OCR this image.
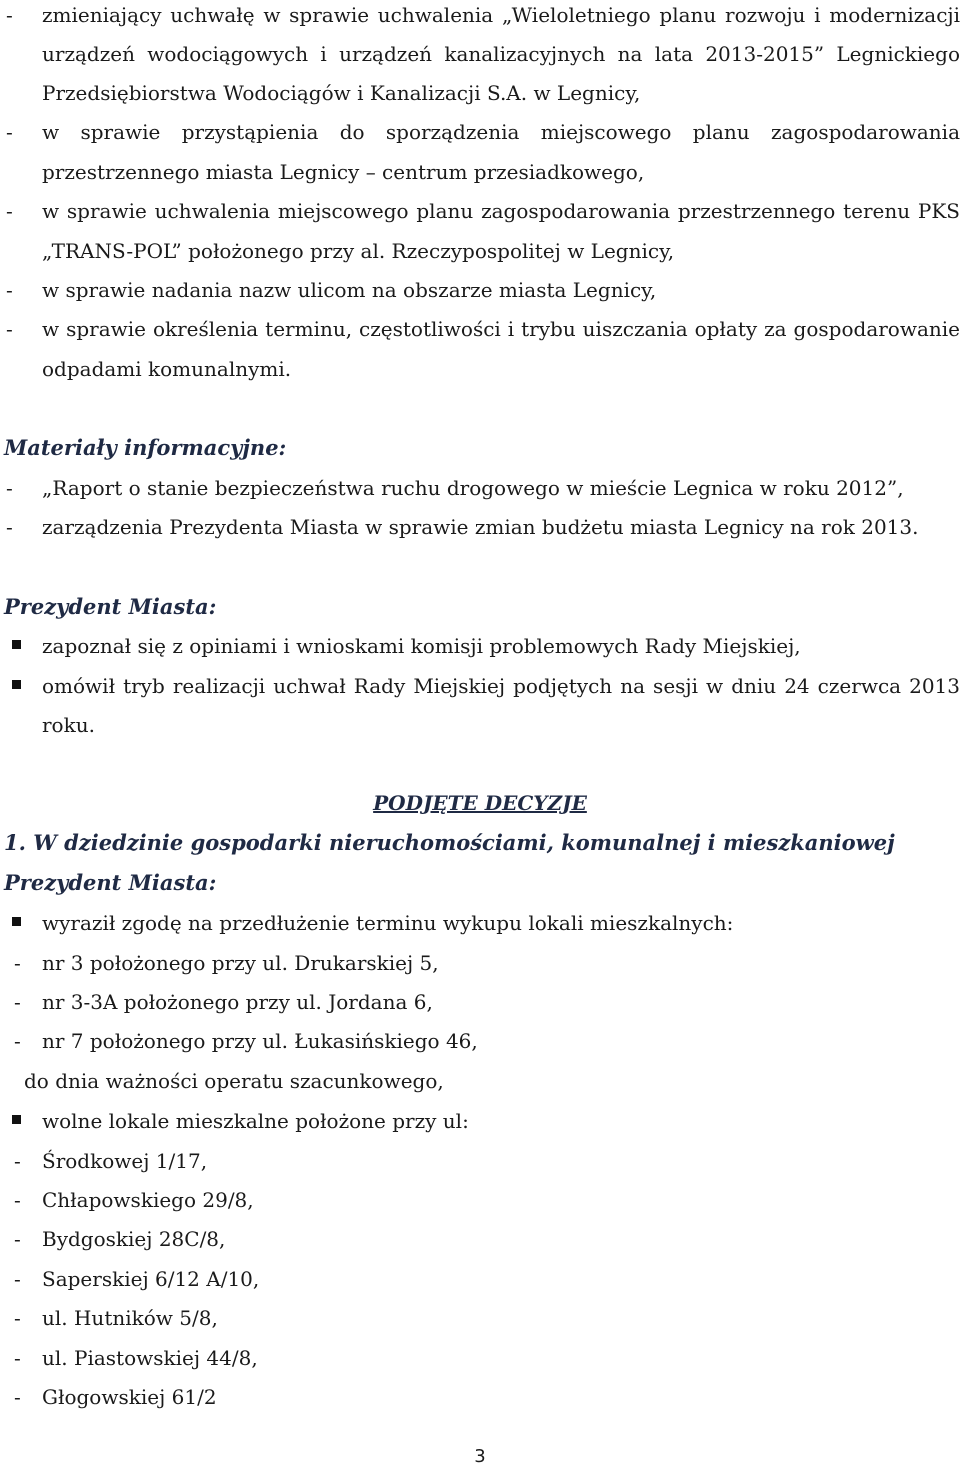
- zmieniający uchwałę w sprawie uchwalenia „Wieloletniego planu rozwoju i modernizacji
urządzeń wodociągowych i urządzeń kanalizacyjnych na lata 2013-2015” Legnickiego
Przedsiębiorstwa Wodociągów i Kanalizacji S.A. w Legnicy,
- w sprawie przystąpienia do sporządzenia miejscowego planu zagospodarowania
przestrzennego miasta Legnicy – centrum przesiadkowego,
- w sprawie uchwalenia miejscowego planu zagospodarowania przestrzennego terenu PKS
„TRANS-POL” położonego przy al. Rzeczypospolitej w Legnicy,
- w sprawie nadania nazw ulicom na obszarze miasta Legnicy,
- w sprawie określenia terminu, częstotliwości i trybu uiszczania opłaty za gospodarowanie
odpadami komunalnymi.
Materiały informacyjne:
- „Raport o stanie bezpieczeństwa ruchu drogowego w mieście Legnica w roku 2012”,
- zarządzenia Prezydenta Miasta w sprawie zmian budżetu miasta Legnicy na rok 2013.
Prezydent Miasta:
zapoznał się z opiniami i wnioskami komisji problemowych Rady Miejskiej,
omówił tryb realizacji uchwał Rady Miejskiej podjętych na sesji w dniu 24 czerwca 2013
roku.
PODJĘTE DECYZJE
1. W dziedzinie gospodarki nieruchomościami, komunalnej i mieszkaniowej
Prezydent Miasta:
wyraził zgodę na przedłużenie terminu wykupu lokali mieszkalnych:
- nr 3 położonego przy ul. Drukarskiej 5,
- nr 3-3A położonego przy ul. Jordana 6,
- nr 7 położonego przy ul. Łukasińskiego 46,
do dnia ważności operatu szacunkowego,
wolne lokale mieszkalne położone przy ul:
- Środkowej 1/17,
- Chłapowskiego 29/8,
- Bydgoskiej 28C/8,
- Saperskiej 6/12 A/10,
- ul. Hutników 5/8,
- ul. Piastowskiej 44/8,
- Głogowskiej 61/2
3
